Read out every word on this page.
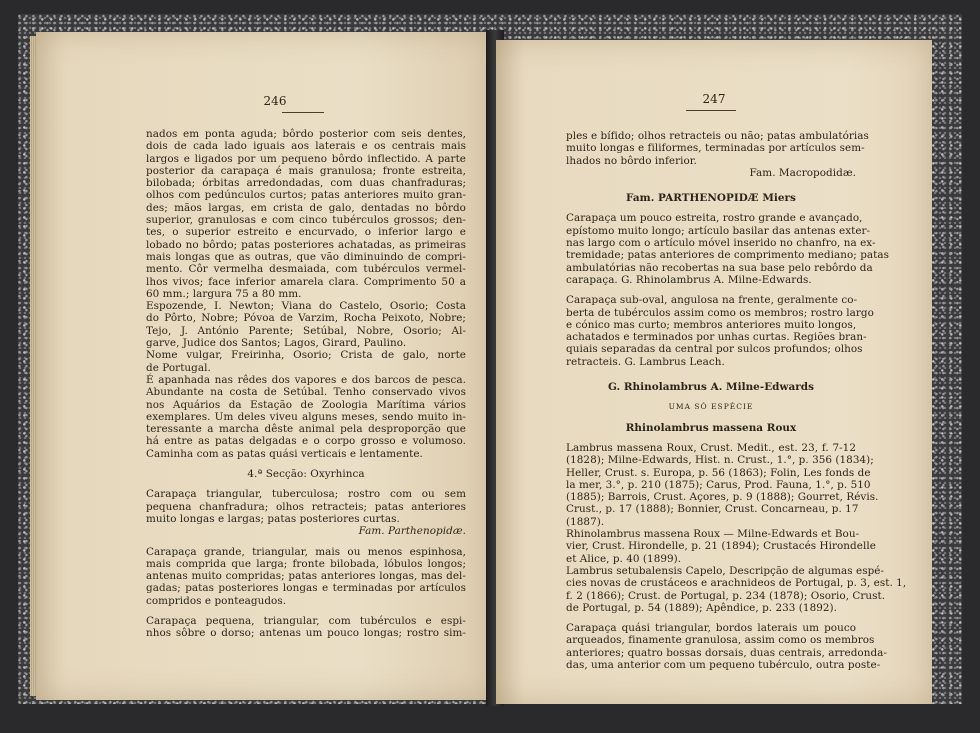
246
nados em ponta aguda; bôrdo posterior com seis dentes,
dois de cada lado iguais aos laterais e os centrais mais
largos e ligados por um pequeno bôrdo inflectido. A parte
posterior da carapaça é mais granulosa; fronte estreita,
bilobada; órbitas arredondadas, com duas chanfraduras;
olhos com pedúnculos curtos; patas anteriores muito gran-
des; mãos largas, em crista de galo, dentadas no bôrdo
superior, granulosas e com cinco tubérculos grossos; den-
tes, o superior estreito e encurvado, o inferior largo e
lobado no bôrdo; patas posteriores achatadas, as primeiras
mais longas que as outras, que vão diminuindo de compri-
mento. Côr vermelha desmaiada, com tubérculos vermel-
lhos vivos; face inferior amarela clara. Comprimento 50 a
60 mm.; largura 75 a 80 mm.
Espozende, I. Newton; Viana do Castelo, Osorio; Costa
do Pôrto, Nobre; Póvoa de Varzim, Rocha Peixoto, Nobre;
Tejo, J. António Parente; Setúbal, Nobre, Osorio; Al-
garve, Judice dos Santos; Lagos, Girard, Paulino.
Nome vulgar, Freirinha, Osorio; Crista de galo, norte
de Portugal.
É apanhada nas rêdes dos vapores e dos barcos de pesca.
Abundante na costa de Setúbal. Tenho conservado vivos
nos Aquários da Estação de Zoologia Marítima vários
exemplares. Um deles viveu alguns meses, sendo muito in-
teressante a marcha dêste animal pela desproporção que
há entre as patas delgadas e o corpo grosso e volumoso.
Caminha com as patas quási verticais e lentamente.
4.ª Secção: Oxyrhinca
Carapaça triangular, tuberculosa; rostro com ou sem
pequena chanfradura; olhos retracteis; patas anteriores
muito longas e largas; patas posteriores curtas.
Fam. Parthenopidæ.
Carapaça grande, triangular, mais ou menos espinhosa,
mais comprida que larga; fronte bilobada, lóbulos longos;
antenas muito compridas; patas anteriores longas, mas del-
gadas; patas posteriores longas e terminadas por artículos
compridos e ponteagudos.
Carapaça pequena, triangular, com tubérculos e espi-
nhos sôbre o dorso; antenas um pouco longas; rostro sim-
247
ples e bífido; olhos retracteis ou não; patas ambulatórias
muito longas e filiformes, terminadas por artículos sem-
lhados no bôrdo inferior.
Fam. Macropodidæ.
Fam. PARTHENOPIDÆ Miers
Carapaça um pouco estreita, rostro grande e avançado,
epístomo muito longo; artículo basilar das antenas exter-
nas largo com o artículo móvel inserido no chanfro, na ex-
tremidade; patas anteriores de comprimento mediano; patas
ambulatórias não recobertas na sua base pelo rebôrdo da
carapaça. G. Rhinolambrus A. Milne-Edwards.
Carapaça sub-oval, angulosa na frente, geralmente co-
berta de tubérculos assim como os membros; rostro largo
e cónico mas curto; membros anteriores muito longos,
achatados e terminados por unhas curtas. Regiões bran-
quiais separadas da central por sulcos profundos; olhos
retracteis. G. Lambrus Leach.
G. Rhinolambrus A. Milne-Edwards
UMA SÓ ESPÉCIE
Rhinolambrus massena Roux
Lambrus massena Roux, Crust. Medit., est. 23, f. 7-12
(1828); Milne-Edwards, Hist. n. Crust., 1.°, p. 356 (1834);
Heller, Crust. s. Europa, p. 56 (1863); Folin, Les fonds de
la mer, 3.°, p. 210 (1875); Carus, Prod. Fauna, 1.°, p. 510
(1885); Barrois, Crust. Açores, p. 9 (1888); Gourret, Révis.
Crust., p. 17 (1888); Bonnier, Crust. Concarneau, p. 17
(1887).
Rhinolambrus massena Roux — Milne-Edwards et Bou-
vier, Crust. Hirondelle, p. 21 (1894); Crustacés Hirondelle
et Alice, p. 40 (1899).
Lambrus setubalensis Capelo, Descripção de algumas espé-
cies novas de crustáceos e arachnideos de Portugal, p. 3, est. 1,
f. 2 (1866); Crust. de Portugal, p. 234 (1878); Osorio, Crust.
de Portugal, p. 54 (1889); Apêndice, p. 233 (1892).
Carapaça quási triangular, bordos laterais um pouco
arqueados, finamente granulosa, assim como os membros
anteriores; quatro bossas dorsais, duas centrais, arredonda-
das, uma anterior com um pequeno tubérculo, outra poste-
